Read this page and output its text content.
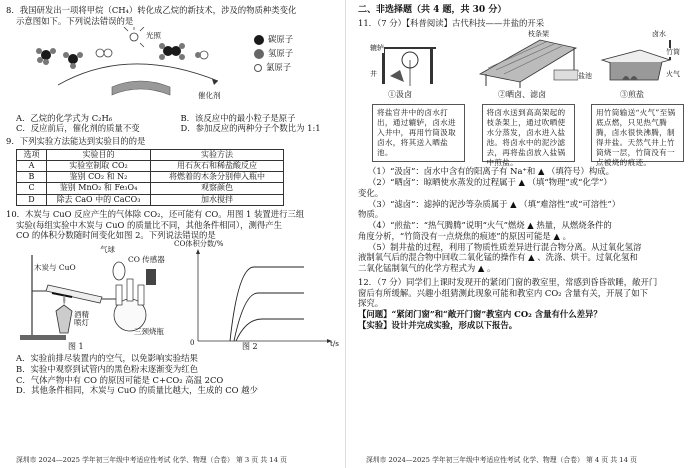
8．我国研发出一项将甲烷（CH₄）转化成乙烷的新技术，涉及的物质种类变化
示意图如下。下列说法错误的是
光照
催化剂
碳原子
氢原子
氯原子
A．乙烷的化学式为 C₂H₆	B．该反应中的最小粒子是原子
C．反应前后，催化剂的质量不变	D．参加反应的两种分子个数比为 1:1
9．下列实验方法能达到实验目的的是
选项	实验目的	实验方法
A	实验室制取 CO₂	用石灰石和稀盐酸反应
B	鉴别 CO₂ 和 N₂	将燃着的木条分别伸入瓶中
C	鉴别 MnO₂ 和 Fe₃O₄	观察颜色
D	除去 CaO 中的 CaCO₃	加水搅拌
10．木炭与 CuO 反应产生的气体除 CO₂，还可能有 CO。用图 1 装置进行三组
实验(每组实验中木炭与 CuO 的质量比不同，其他条件相同），测得产生
CO 的体积分数随时间变化如图 2。下列说法错误的是
木炭与 CuO
气球
CO 传感器
酒精喷灯
三颈烧瓶
图 1
CO体积分数/%
t/s
0	图 2
A．实验前排尽装置内的空气，以免影响实验结果
B．实验中观察到试管内的黑色粉末逐渐变为红色
C．气体产物中有 CO 的原因可能是 C+CO₂ 高温 2CO
D．其他条件相同，木炭与 CuO 的质量比越大，生成的 CO 越少
深圳市 2024—2025 学年初三年级中考适应性考试 化学、物理（合卷） 第 3 页 共 14 页
二、非选择题（共 4 题，共 30 分）
11．（7 分）【科普阅读】古代科技——井盐的开采
辘轳
井
枝条架
盐池
卤水
竹筒
火气
①汲卤	②晒卤、滤卤	③煎盐
将盐官井中的卤水打出，通过辘轳，卤水进入井中，再用竹筒汲取卤水，将其送入晒盐池。
将卤水送到高高架起的枝条架上，通过吹晒使水分蒸发，卤水进入盐池。将卤水中的泥沙滤去，再将盐卤放入盐锅中煎盐。
用竹筒输送“火气”至锅底点燃，只见热气腾腾，卤水很快沸腾，制得井盐。天然气井上竹筒烧一层，竹筒没有一点被烧的痕迹。
（1）“汲卤”：卤水中含有的阳离子有 Na⁺和 ▲ （填符号）构成。
（2）“晒卤”：晾晒使水蒸发的过程属于 ▲ （填“物理”或“化学”）
变化。
（3）“滤卤”：滤掉的泥沙等杂质属于 ▲ （填“难溶性”或“可溶性”）
物质。
（4）“煎盐”：“热气腾腾”说明“火气”燃烧 ▲ 热量，从燃烧条件的
角度分析，“竹筒没有一点烧焦的痕迹”的原因可能是 ▲ 。
（5）制井盐的过程，利用了物质性质差异进行混合物分离。从过氧化氢溶
液制氧气后的混合物中回收二氧化锰的操作有 ▲ 、洗涤、烘干。过氧化氢和
二氧化锰制氧气的化学方程式为 ▲ 。
12．（7 分）同学们上课时发现开的紧闭门窗的教室里，常感到昏昏欲睡，敞开门
窗后有所缓解。兴趣小组猜测此现象可能和教室内 CO₂ 含量有关，开展了如下
探究。
【问题】“紧闭门窗”和“敞开门窗”教室内 CO₂ 含量有什么差异？
【实验】设计并完成实验，形成以下报告。
深圳市 2024—2025 学年初三年级中考适应性考试 化学、物理（合卷） 第 4 页 共 14 页
